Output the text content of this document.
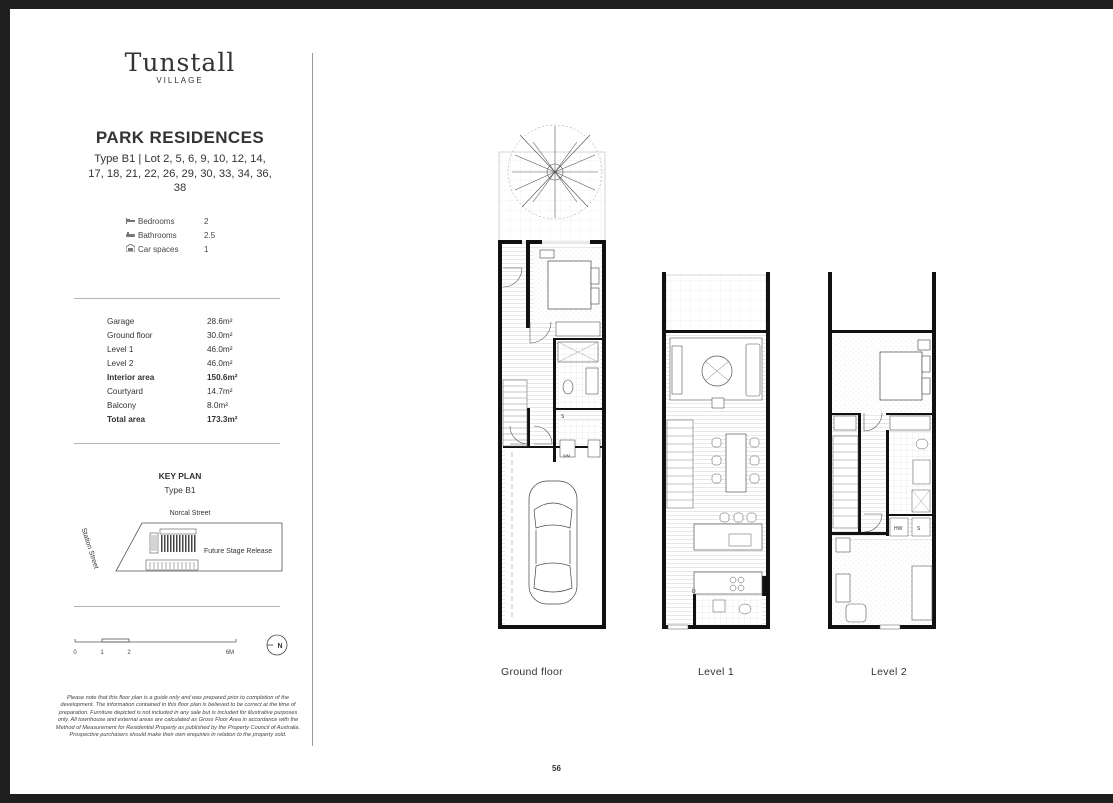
Tunstall
VILLAGE
PARK RESIDENCES
Type B1 | Lot 2, 5, 6, 9, 10, 12, 14, 17, 18, 21, 22, 26, 29, 30, 33, 34, 36, 38
Bedrooms	2
Bathrooms	2.5
Car spaces	1
Garage	28.6m²
Ground floor	30.0m²
Level 1	46.0m²
Level 2	46.0m²
Interior area	150.6m²
Courtyard	14.7m²
Balcony	8.0m²
Total area	173.3m²
KEY PLAN
Type B1
Norcal Street
Station Street	Future Stage Release
0	1	2	6M
N
Please note that this floor plan is a guide only and was prepared prior to completion of the development. The information contained in this floor plan is believed to be correct at the time of preparation. Furniture depicted is not included in any sale but is included for illustrative purposes only. All townhouse and external areas are calculated as Gross Floor Area in accordance with the Method of Measurement for Residential Property as published by the Property Council of Australia. Prospective purchasers should make their own enquiries in relation to the property sold.
S
WM
D
HW	S
Ground floor	Level 1	Level 2
56
